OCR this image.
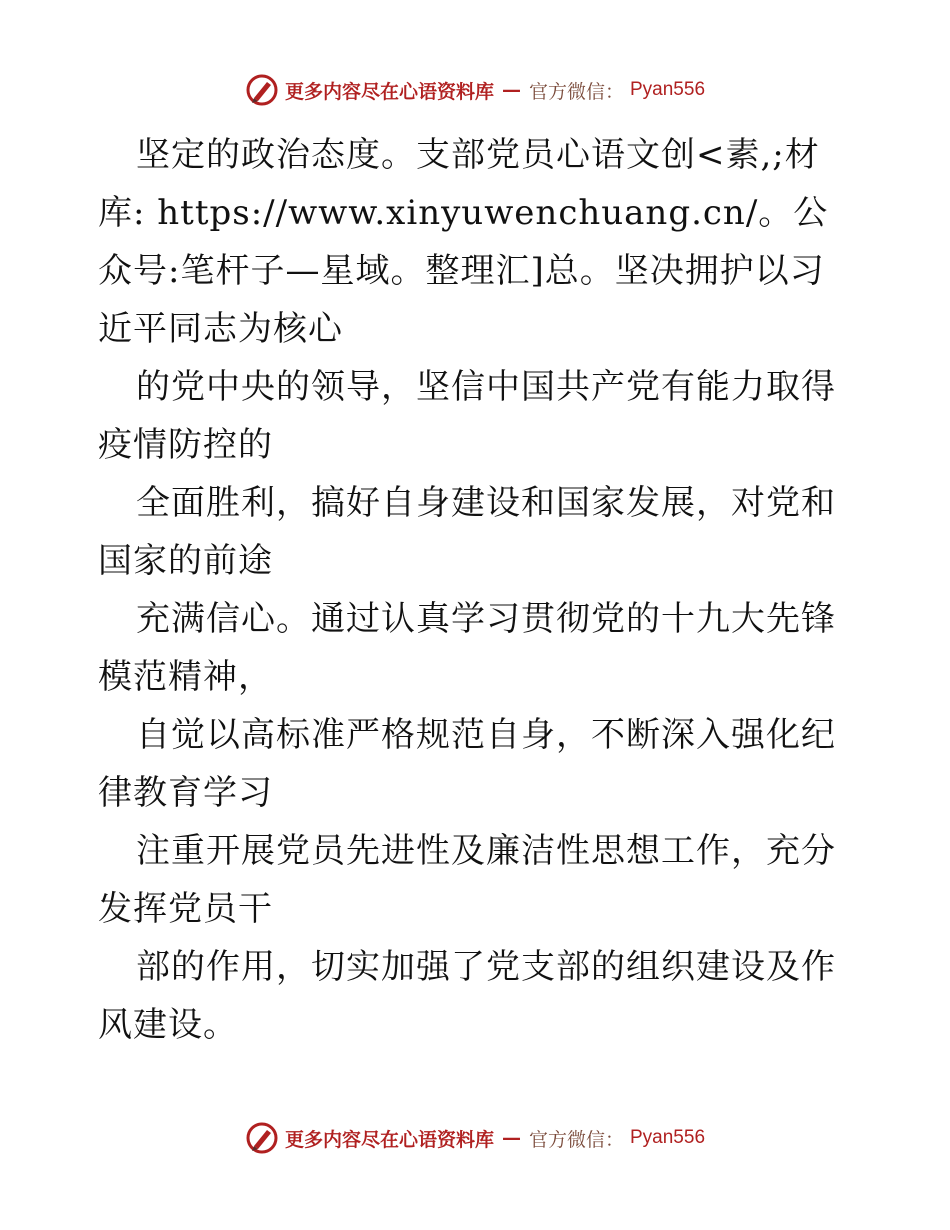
更多内容尽在心语资料库 — 官方微信： Pyan556

坚定的政治态度。支部党员心语文创<素,;材库: https://www.xinyuwenchuang.cn/。公众号:笔杆子—星域。整理汇]总。坚决拥护以习近平同志为核心

的党中央的领导，坚信中国共产党有能力取得疫情防控的

全面胜利，搞好自身建设和国家发展，对党和国家的前途

充满信心。通过认真学习贯彻党的十九大先锋模范精神，

自觉以高标准严格规范自身，不断深入强化纪律教育学习

注重开展党员先进性及廉洁性思想工作，充分发挥党员干

部的作用，切实加强了党支部的组织建设及作风建设。

更多内容尽在心语资料库 — 官方微信： Pyan556
